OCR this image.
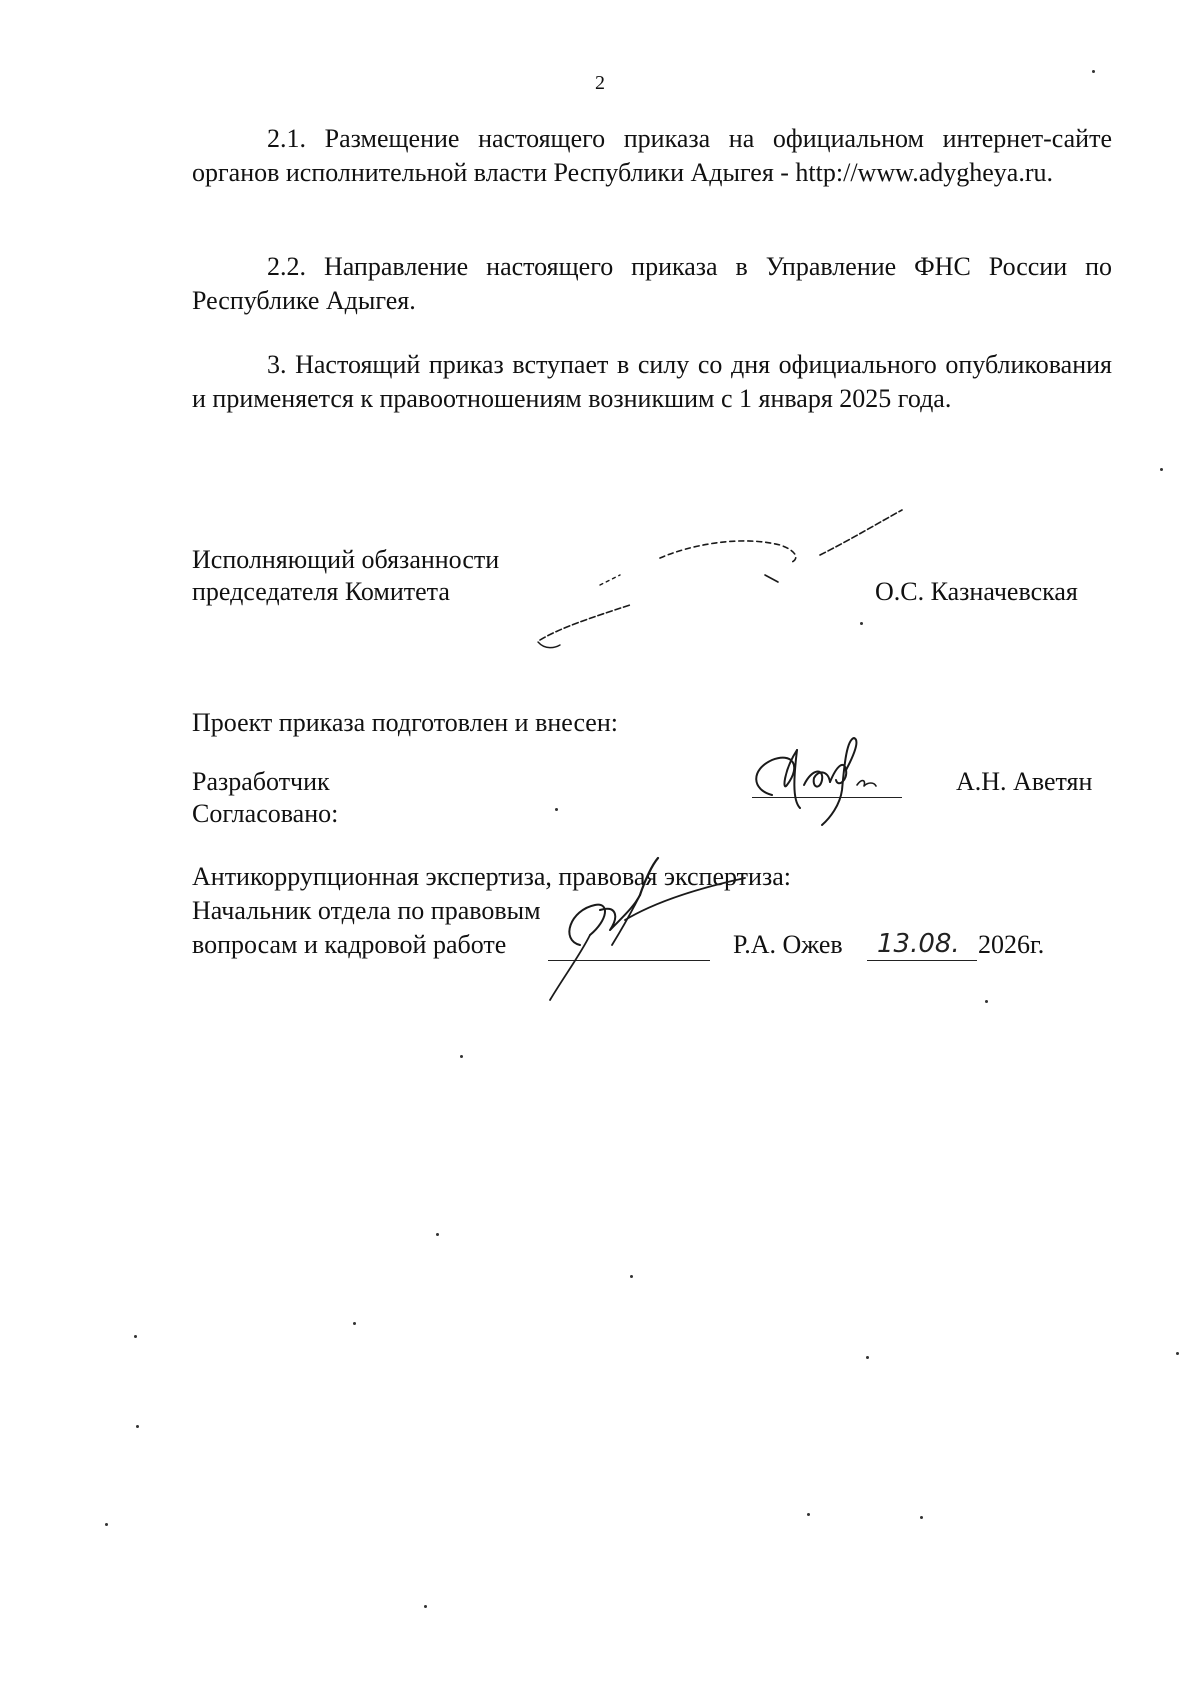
2

2.1. Размещение настоящего приказа на официальном интернет-сайте органов исполнительной власти Республики Адыгея - http://www.adygheya.ru.

2.2. Направление настоящего приказа в Управление ФНС России по Республике Адыгея.

3. Настоящий приказ вступает в силу со дня официального опубликования и применяется к правоотношениям возникшим с 1 января 2025 года.

Исполняющий обязанности
председателя Комитета	О.С. Казначевская
Проект приказа подготовлен и внесен:
Разработчик	А.Н. Аветян
Согласовано:
Антикоррупционная экспертиза, правовая экспертиза:
Начальник отдела по правовым
вопросам и кадровой работе	Р.А. Ожев 13.08. 2026г.
